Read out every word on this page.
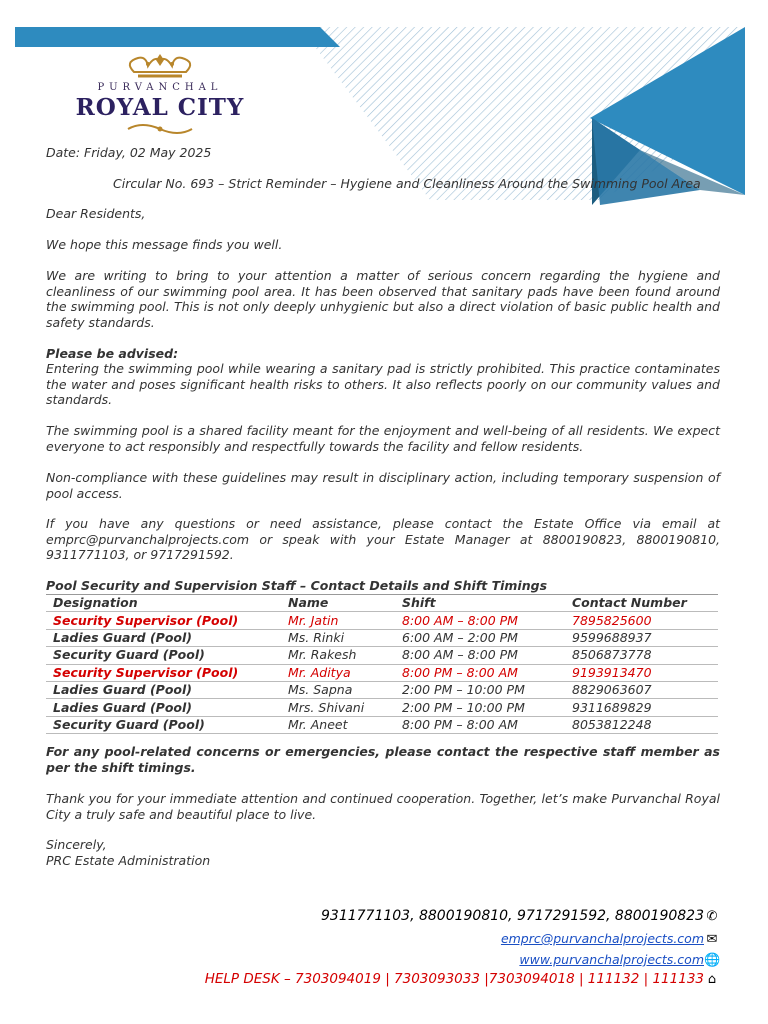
PURVANCHAL
ROYAL CITY
Date: Friday, 02 May 2025
Circular No. 693 – Strict Reminder – Hygiene and Cleanliness Around the Swimming Pool Area
Dear Residents,
We hope this message finds you well.
We are writing to bring to your attention a matter of serious concern regarding the hygiene and cleanliness of our swimming pool area. It has been observed that sanitary pads have been found around the swimming pool. This is not only deeply unhygienic but also a direct violation of basic public health and safety standards.
Please be advised:
Entering the swimming pool while wearing a sanitary pad is strictly prohibited. This practice contaminates the water and poses significant health risks to others. It also reflects poorly on our community values and standards.
The swimming pool is a shared facility meant for the enjoyment and well-being of all residents. We expect everyone to act responsibly and respectfully towards the facility and fellow residents.
Non-compliance with these guidelines may result in disciplinary action, including temporary suspension of pool access.
If you have any questions or need assistance, please contact the Estate Office via email at emprc@purvanchalprojects.com or speak with your Estate Manager at 8800190823, 8800190810, 9311771103, or 9717291592.
Pool Security and Supervision Staff – Contact Details and Shift Timings
Designation	Name	Shift	Contact Number
Security Supervisor (Pool)	Mr. Jatin	8:00 AM – 8:00 PM	7895825600
Ladies Guard (Pool)	Ms. Rinki	6:00 AM – 2:00 PM	9599688937
Security Guard (Pool)	Mr. Rakesh	8:00 AM – 8:00 PM	8506873778
Security Supervisor (Pool)	Mr. Aditya	8:00 PM – 8:00 AM	9193913470
Ladies Guard (Pool)	Ms. Sapna	2:00 PM – 10:00 PM	8829063607
Ladies Guard (Pool)	Mrs. Shivani	2:00 PM – 10:00 PM	9311689829
Security Guard (Pool)	Mr. Aneet	8:00 PM – 8:00 AM	8053812248
For any pool-related concerns or emergencies, please contact the respective staff member as per the shift timings.
Thank you for your immediate attention and continued cooperation. Together, let’s make Purvanchal Royal City a truly safe and beautiful place to live.
Sincerely,
PRC Estate Administration
9311771103, 8800190810, 9717291592, 8800190823 ✆
emprc@purvanchalprojects.com ✉
www.purvanchalprojects.com🌐
HELP DESK – 7303094019 | 7303093033 |7303094018 | 111132 | 111133 ⌂
